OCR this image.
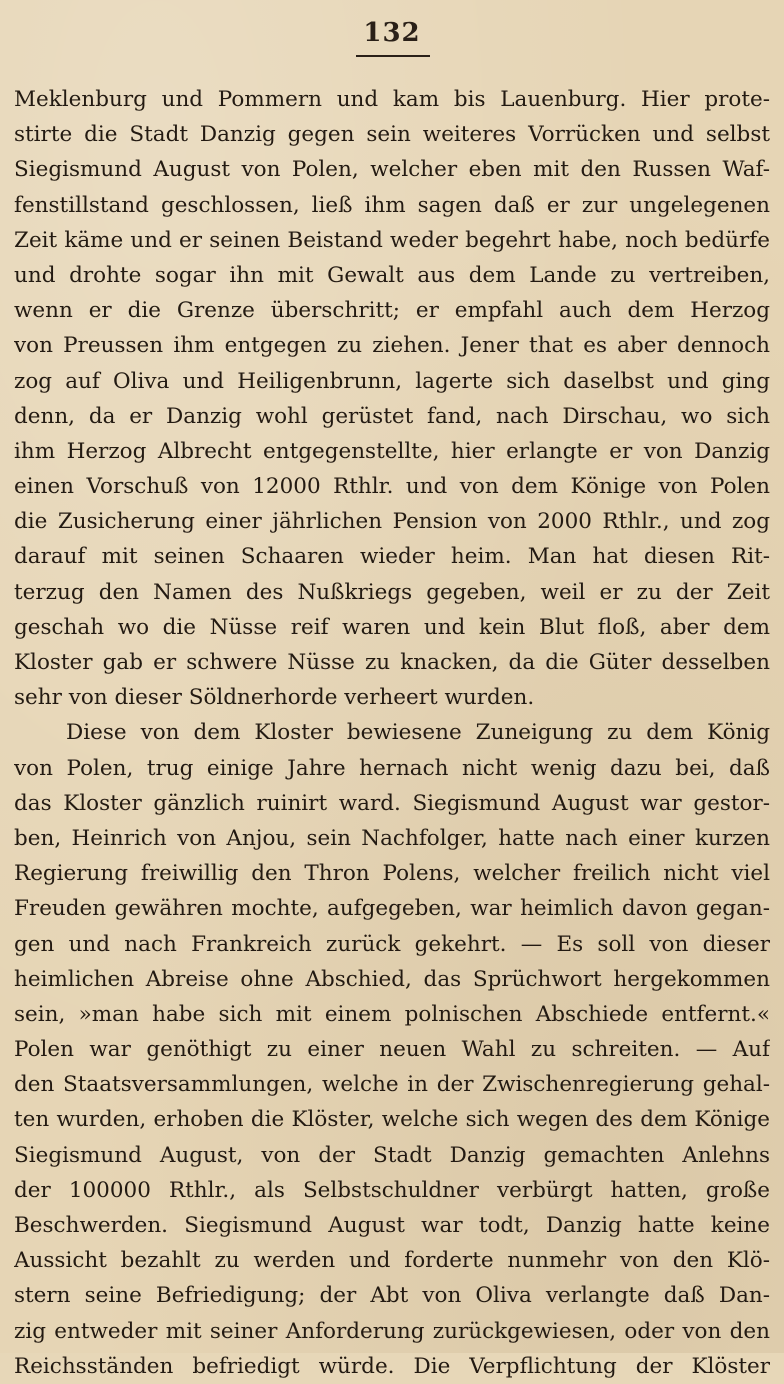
132
Meklenburg und Pommern und kam bis Lauenburg. Hier prote-
stirte die Stadt Danzig gegen sein weiteres Vorrücken und selbst
Siegismund August von Polen, welcher eben mit den Russen Waf-
fenstillstand geschlossen, ließ ihm sagen daß er zur ungelegenen
Zeit käme und er seinen Beistand weder begehrt habe, noch bedürfe
und drohte sogar ihn mit Gewalt aus dem Lande zu vertreiben,
wenn er die Grenze überschritt; er empfahl auch dem Herzog
von Preussen ihm entgegen zu ziehen. Jener that es aber dennoch
zog auf Oliva und Heiligenbrunn, lagerte sich daselbst und ging
denn, da er Danzig wohl gerüstet fand, nach Dirschau, wo sich
ihm Herzog Albrecht entgegenstellte, hier erlangte er von Danzig
einen Vorschuß von 12000 Rthlr. und von dem Könige von Polen
die Zusicherung einer jährlichen Pension von 2000 Rthlr., und zog
darauf mit seinen Schaaren wieder heim. Man hat diesen Rit-
terzug den Namen des Nußkriegs gegeben, weil er zu der Zeit
geschah wo die Nüsse reif waren und kein Blut floß, aber dem
Kloster gab er schwere Nüsse zu knacken, da die Güter desselben
sehr von dieser Söldnerhorde verheert wurden.
Diese von dem Kloster bewiesene Zuneigung zu dem König
von Polen, trug einige Jahre hernach nicht wenig dazu bei, daß
das Kloster gänzlich ruinirt ward. Siegismund August war gestor-
ben, Heinrich von Anjou, sein Nachfolger, hatte nach einer kurzen
Regierung freiwillig den Thron Polens, welcher freilich nicht viel
Freuden gewähren mochte, aufgegeben, war heimlich davon gegan-
gen und nach Frankreich zurück gekehrt. — Es soll von dieser
heimlichen Abreise ohne Abschied, das Sprüchwort hergekommen
sein, »man habe sich mit einem polnischen Abschiede entfernt.«
Polen war genöthigt zu einer neuen Wahl zu schreiten. — Auf
den Staatsversammlungen, welche in der Zwischenregierung gehal-
ten wurden, erhoben die Klöster, welche sich wegen des dem Könige
Siegismund August, von der Stadt Danzig gemachten Anlehns
der 100000 Rthlr., als Selbstschuldner verbürgt hatten, große
Beschwerden. Siegismund August war todt, Danzig hatte keine
Aussicht bezahlt zu werden und forderte nunmehr von den Klö-
stern seine Befriedigung; der Abt von Oliva verlangte daß Dan-
zig entweder mit seiner Anforderung zurückgewiesen, oder von den
Reichsständen befriedigt würde. Die Verpflichtung der Klöster
